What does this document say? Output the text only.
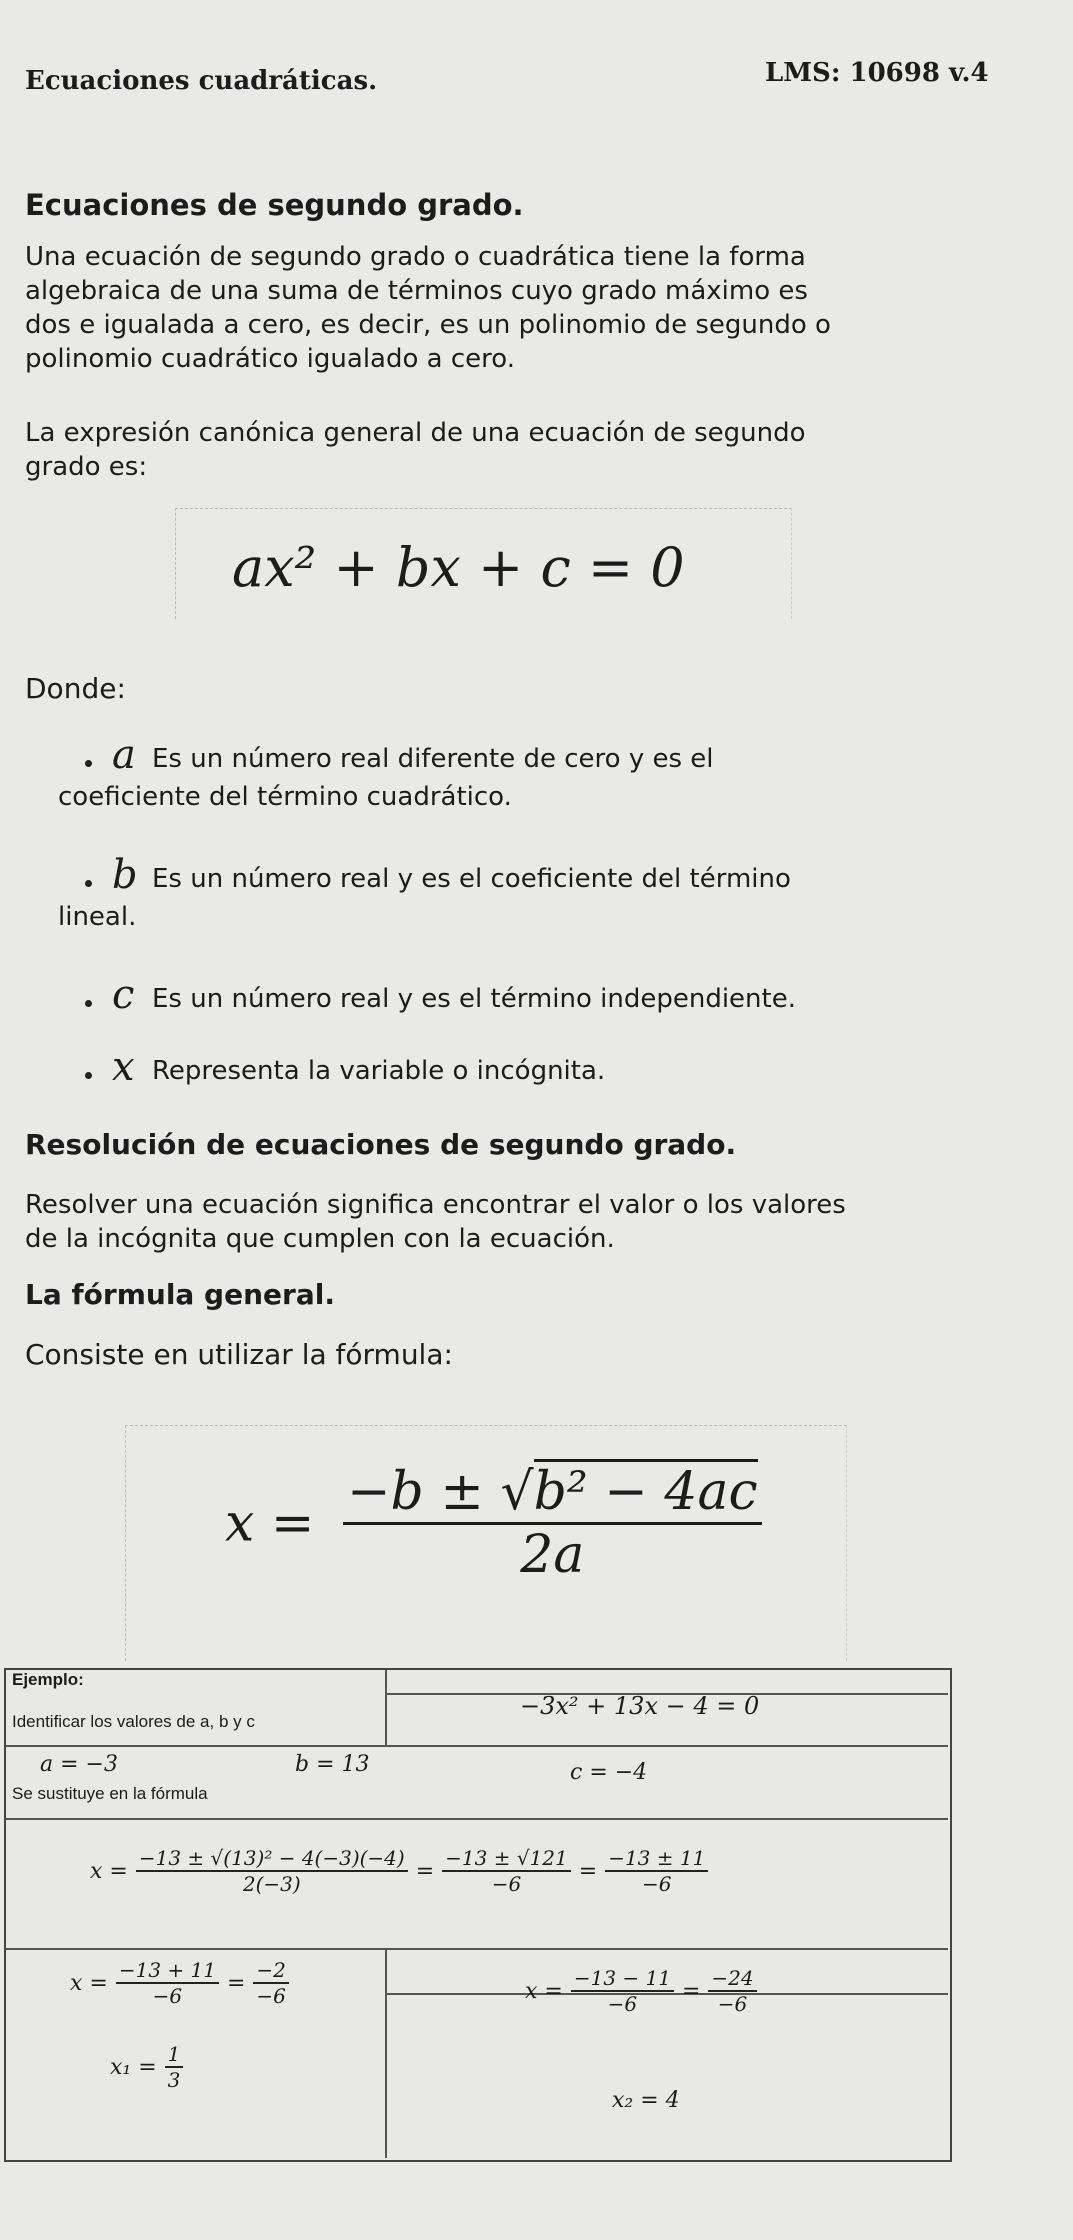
Ecuaciones cuadráticas.	LMS: 10698 v.4
Ecuaciones de segundo grado.
Una ecuación de segundo grado o cuadrática tiene la forma
algebraica de una suma de términos cuyo grado máximo es
dos e igualada a cero, es decir, es un polinomio de segundo o
polinomio cuadrático igualado a cero.
La expresión canónica general de una ecuación de segundo
grado es:
ax² + bx + c = 0
Donde:
a Es un número real diferente de cero y es el
coeficiente del término cuadrático.
b Es un número real y es el coeficiente del término
lineal.
c Es un número real y es el término independiente.
x Representa la variable o incógnita.
Resolución de ecuaciones de segundo grado.
Resolver una ecuación significa encontrar el valor o los valores
de la incógnita que cumplen con la ecuación.
La fórmula general.
Consiste en utilizar la fórmula:
$x = \frac{\text{−b ± √b² − 4ac}}{2a}$
Ejemplo:
−3x² + 13x − 4 = 0
Identificar los valores de a, b y c
a = −3	b = 13	c = −4
Se sustituye en la fórmula
$x = \frac{\text{−13 ± √(13)² − 4(−3)(−4)}}{2(-3)} = \frac{-13 \pm √121}{-6} = \frac{-13 \pm 11}{-6}$
$x = \frac{-13 + 11}{-6} = \frac{-2}{-6}$
$x_1 = \frac{1}{3}$
$x = \frac{-13 - 11}{-6} = \frac{-24}{-6}$
x₂ = 4
